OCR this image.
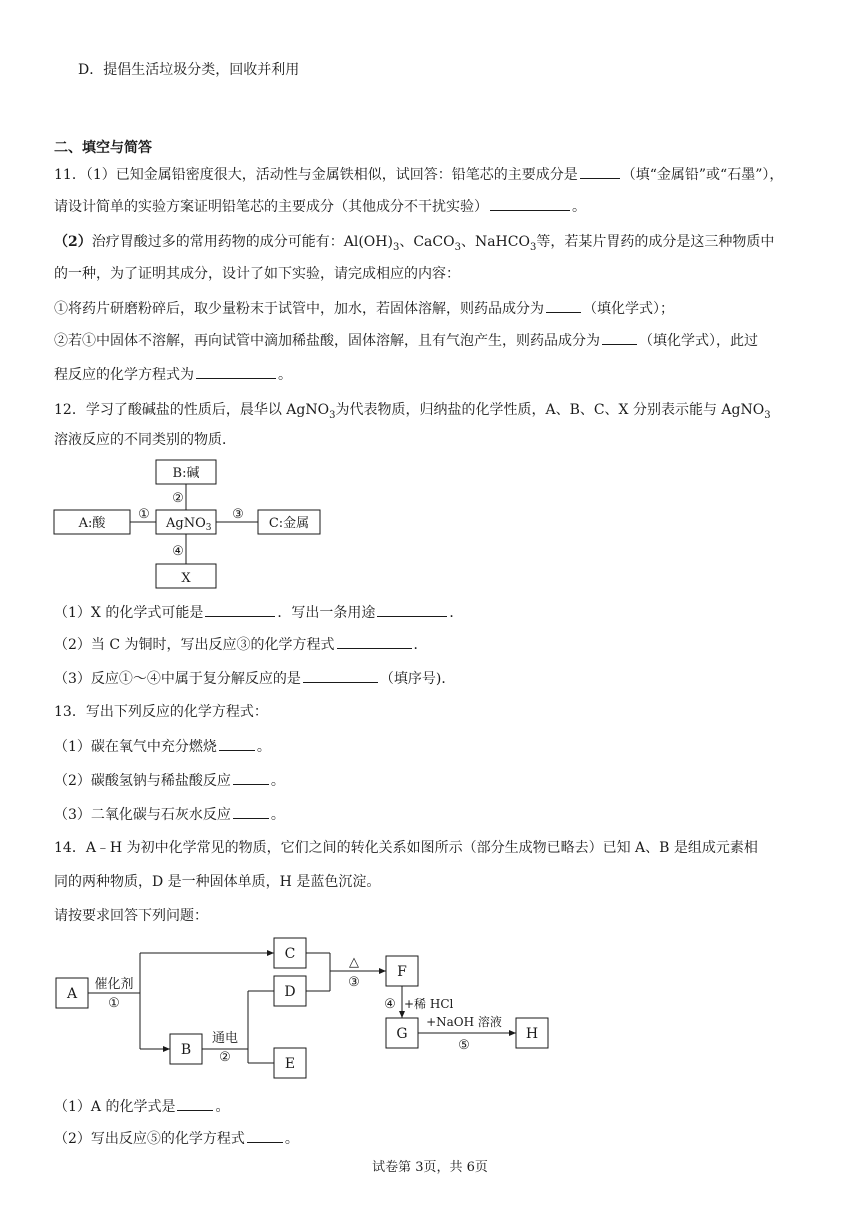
D．提倡生活垃圾分类，回收并利用
二、填空与简答
11．（1）已知金属铅密度很大，活动性与金属铁相似，试回答：铅笔芯的主要成分是	（填“金属铅”或“石墨”），
请设计简单的实验方案证明铅笔芯的主要成分（其他成分不干扰实验）	。
（2）治疗胃酸过多的常用药物的成分可能有：$Al(OH)_3$、CaCO$_3$、NaHCO$_3$等，若某片胃药的成分是这三种物质中
的一种，为了证明其成分，设计了如下实验，请完成相应的内容：
①将药片研磨粉碎后，取少量粉末于试管中，加水，若固体溶解，则药品成分为	（填化学式）；
②若①中固体不溶解，再向试管中滴加稀盐酸，固体溶解，且有气泡产生，则药品成分为	（填化学式），此过
程反应的化学方程式为	。
12．学习了酸碱盐的性质后，晨华以 AgNO$_3$为代表物质，归纳盐的化学性质，A、B、C、X 分别表示能与 AgNO$_3$
溶液反应的不同类别的物质．
B:碱
A:酸	C:金属
X
AgNO$_3$
①
②
③
④
（1）X 的化学式可能是	．写出一条用途	．
（2）当 C 为铜时，写出反应③的化学方程式	．
（3）反应①～④中属于复分解反应的是	（填序号)．
13．写出下列反应的化学方程式：
（1）碳在氧气中充分燃烧	。
（2）碳酸氢钠与稀盐酸反应	。
（3）二氧化碳与石灰水反应	。
14．A﹣H 为初中化学常见的物质，它们之间的转化关系如图所示（部分生成物已略去）已知 A、B 是组成元素相
同的两种物质，D 是一种固体单质，H 是蓝色沉淀。
请按要求回答下列问题：
A
C
D
B
E
F
G	H
催化剂
①
通电
②
△
③
④ +稀 HCl
+NaOH 溶液
⑤
（1）A 的化学式是	。
（2）写出反应⑤的化学方程式	。
试卷第 3页，共 6页
